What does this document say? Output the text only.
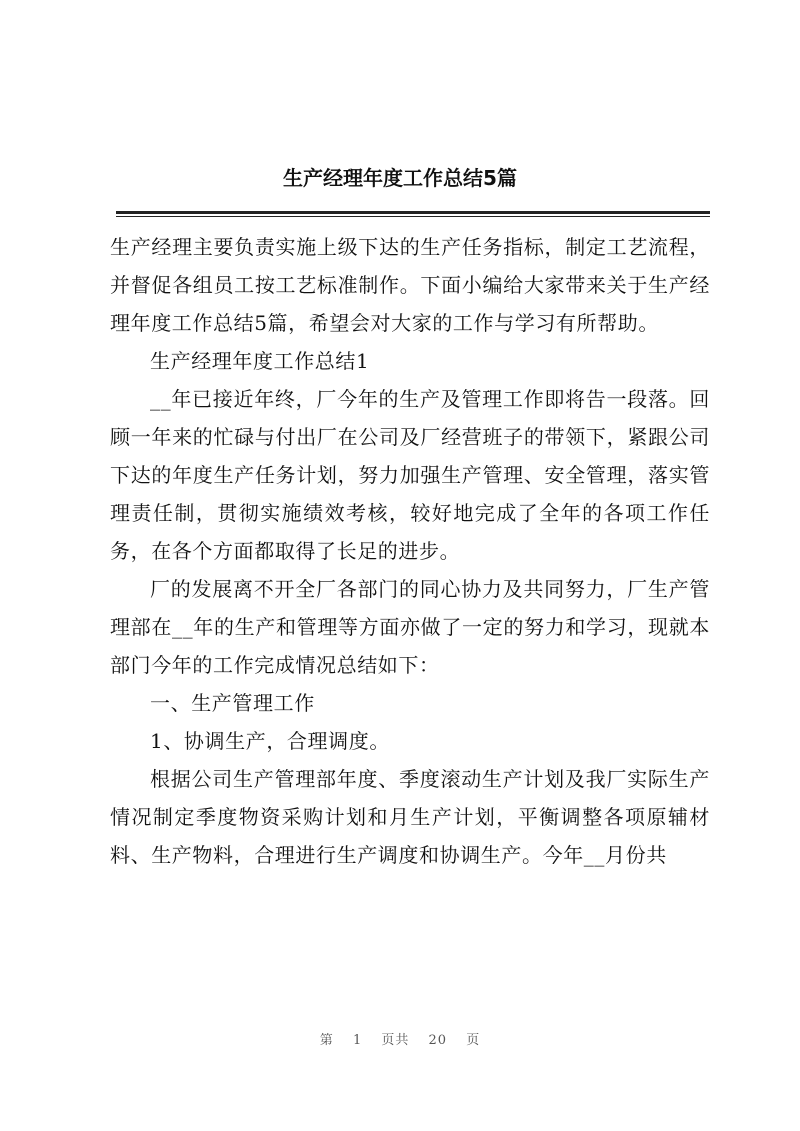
生产经理年度工作总结5篇

生产经理主要负责实施上级下达的生产任务指标，制定工艺流程，并督促各组员工按工艺标准制作。下面小编给大家带来关于生产经理年度工作总结5篇，希望会对大家的工作与学习有所帮助。

生产经理年度工作总结1

__年已接近年终，厂今年的生产及管理工作即将告一段落。回顾一年来的忙碌与付出厂在公司及厂经营班子的带领下，紧跟公司下达的年度生产任务计划，努力加强生产管理、安全管理，落实管理责任制，贯彻实施绩效考核，较好地完成了全年的各项工作任务，在各个方面都取得了长足的进步。

厂的发展离不开全厂各部门的同心协力及共同努力，厂生产管理部在__年的生产和管理等方面亦做了一定的努力和学习，现就本部门今年的工作完成情况总结如下：

一、生产管理工作

1、协调生产，合理调度。

根据公司生产管理部年度、季度滚动生产计划及我厂实际生产情况制定季度物资采购计划和月生产计划，平衡调整各项原辅材料、生产物料，合理进行生产调度和协调生产。今年__月份共

第 1 页共 20 页
